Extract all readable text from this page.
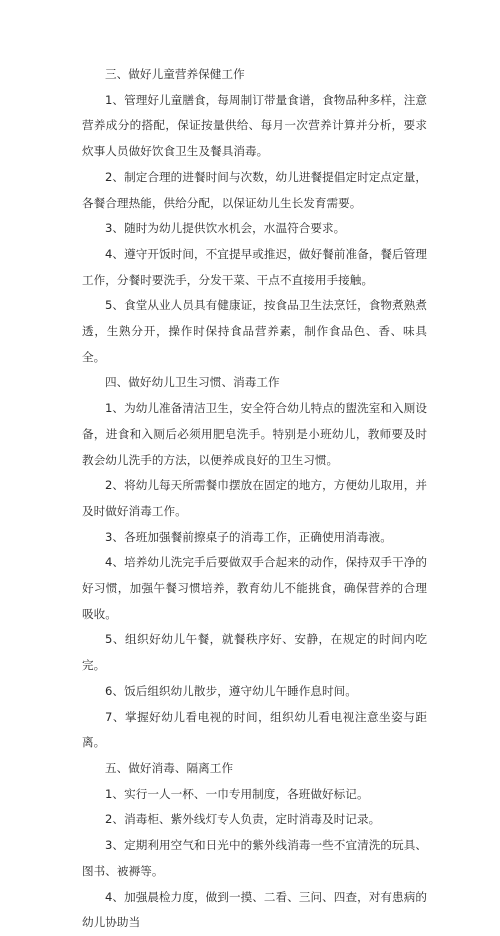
三、做好儿童营养保健工作

1、管理好儿童膳食，每周制订带量食谱，食物品种多样，注意营养成分的搭配，保证按量供给、每月一次营养计算并分析，要求炊事人员做好饮食卫生及餐具消毒。

2、制定合理的进餐时间与次数，幼儿进餐提倡定时定点定量，各餐合理热能，供给分配，以保证幼儿生长发育需要。

3、随时为幼儿提供饮水机会，水温符合要求。

4、遵守开饭时间，不宜提早或推迟，做好餐前准备，餐后管理工作，分餐时要洗手，分发干菜、干点不直接用手接触。

5、食堂从业人员具有健康证，按食品卫生法烹饪，食物煮熟煮透，生熟分开，操作时保持食品营养素，制作食品色、香、味具全。

四、做好幼儿卫生习惯、消毒工作

1、为幼儿准备清洁卫生，安全符合幼儿特点的盥洗室和入厕设备，进食和入厕后必须用肥皂洗手。特别是小班幼儿，教师要及时教会幼儿洗手的方法，以便养成良好的卫生习惯。

2、将幼儿每天所需餐巾摆放在固定的地方，方便幼儿取用，并及时做好消毒工作。

3、各班加强餐前擦桌子的消毒工作，正确使用消毒液。

4、培养幼儿洗完手后要做双手合起来的动作，保持双手干净的好习惯，加强午餐习惯培养，教育幼儿不能挑食，确保营养的合理吸收。

5、组织好幼儿午餐，就餐秩序好、安静，在规定的时间内吃完。

6、饭后组织幼儿散步，遵守幼儿午睡作息时间。

7、掌握好幼儿看电视的时间，组织幼儿看电视注意坐姿与距离。

五、做好消毒、隔离工作

1、实行一人一杯、一巾专用制度，各班做好标记。

2、消毒柜、紫外线灯专人负责，定时消毒及时记录。

3、定期利用空气和日光中的紫外线消毒一些不宜清洗的玩具、图书、被褥等。

4、加强晨检力度，做到一摸、二看、三问、四查，对有患病的幼儿协助当
